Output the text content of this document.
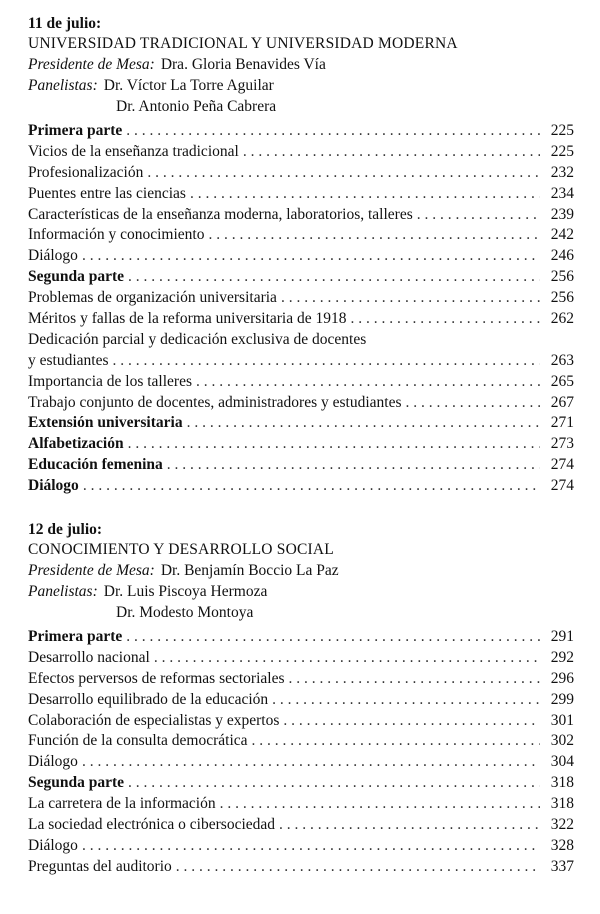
11 de julio:
UNIVERSIDAD TRADICIONAL Y UNIVERSIDAD MODERNA
Presidente de Mesa: Dra. Gloria Benavides Vía
Panelistas: Dr. Víctor La Torre Aguilar
Dr. Antonio Peña Cabrera
Primera parte . . .	225
Vicios de la enseñanza tradicional . . .	225
Profesionalización . . .	232
Puentes entre las ciencias . . .	234
Características de la enseñanza moderna, laboratorios, talleres . . .	239
Información y conocimiento . . .	242
Diálogo . . .	246
Segunda parte . . .	256
Problemas de organización universitaria . . .	256
Méritos y fallas de la reforma universitaria de 1918 . . .	262
Dedicación parcial y dedicación exclusiva de docentes
y estudiantes . . .	263
Importancia de los talleres . . .	265
Trabajo conjunto de docentes, administradores y estudiantes . . .	267
Extensión universitaria . . .	271
Alfabetización . . .	273
Educación femenina . . .	274
Diálogo . . .	274
12 de julio:
CONOCIMIENTO Y DESARROLLO SOCIAL
Presidente de Mesa: Dr. Benjamín Boccio La Paz
Panelistas: Dr. Luis Piscoya Hermoza
Dr. Modesto Montoya
Primera parte . . .	291
Desarrollo nacional . . .	292
Efectos perversos de reformas sectoriales . . .	296
Desarrollo equilibrado de la educación . . .	299
Colaboración de especialistas y expertos . . .	301
Función de la consulta democrática . . .	302
Diálogo . . .	304
Segunda parte . . .	318
La carretera de la información . . .	318
La sociedad electrónica o cibersociedad . . .	322
Diálogo . . .	328
Preguntas del auditorio . . .	337
